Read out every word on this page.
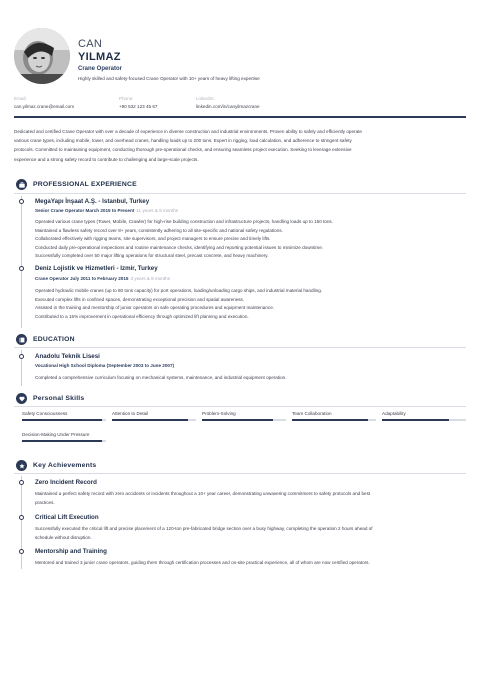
CAN
YILMAZ
Crane Operator
Highly skilled and safety-focused Crane Operator with 10+ years of heavy lifting expertise
Email:
can.yilmaz.crane@email.com
Phone:
+90 532 123 45 67
LinkedIn:
linkedin.com/in/canyilmazcrane
Dedicated and certified Crane Operator with over a decade of experience in diverse construction and industrial environments. Proven ability to safely and efficiently operate
various crane types, including mobile, tower, and overhead cranes, handling loads up to 200 tons. Expert in rigging, load calculation, and adherence to stringent safety
protocols. Committed to maintaining equipment, conducting thorough pre-operational checks, and ensuring seamless project execution. Seeking to leverage extensive
experience and a strong safety record to contribute to challenging and large-scale projects.
PROFESSIONAL EXPERIENCE
MegaYapı İnşaat A.Ş. - Istanbul, Turkey
Senior Crane Operator March 2015 to Present 11 years & 5 months
Operated various crane types (Tower, Mobile, Crawler) for high-rise building construction and infrastructure projects, handling loads up to 150 tons.
Maintained a flawless safety record over 8+ years, consistently adhering to all site-specific and national safety regulations.
Collaborated effectively with rigging teams, site supervisors, and project managers to ensure precise and timely lifts.
Conducted daily pre-operational inspections and routine maintenance checks, identifying and reporting potential issues to minimize downtime.
Successfully completed over 50 major lifting operations for structural steel, precast concrete, and heavy machinery.
Deniz Lojistik ve Hizmetleri - Izmir, Turkey
Crane Operator July 2011 to February 2015 3 years & 8 months
Operated hydraulic mobile cranes (up to 80 tons capacity) for port operations, loading/unloading cargo ships, and industrial material handling.
Executed complex lifts in confined spaces, demonstrating exceptional precision and spatial awareness.
Assisted in the training and mentorship of junior operators on safe operating procedures and equipment maintenance.
Contributed to a 15% improvement in operational efficiency through optimized lift planning and execution.
EDUCATION
Anadolu Teknik Lisesi
Vocational High School Diploma (September 2003 to June 2007)
Completed a comprehensive curriculum focusing on mechanical systems, maintenance, and industrial equipment operation.
Personal Skills
Safety Consciousness	Attention to Detail	Problem-Solving	Team Collaboration	Adaptability
Decision-Making Under Pressure
Key Achievements
Zero Incident Record
Maintained a perfect safety record with zero accidents or incidents throughout a 10+ year career, demonstrating unwavering commitment to safety protocols and best
practices.
Critical Lift Execution
Successfully executed the critical lift and precise placement of a 120-ton pre-fabricated bridge section over a busy highway, completing the operation 2 hours ahead of
schedule without disruption.
Mentorship and Training
Mentored and trained 3 junior crane operators, guiding them through certification processes and on-site practical experience, all of whom are now certified operators.
